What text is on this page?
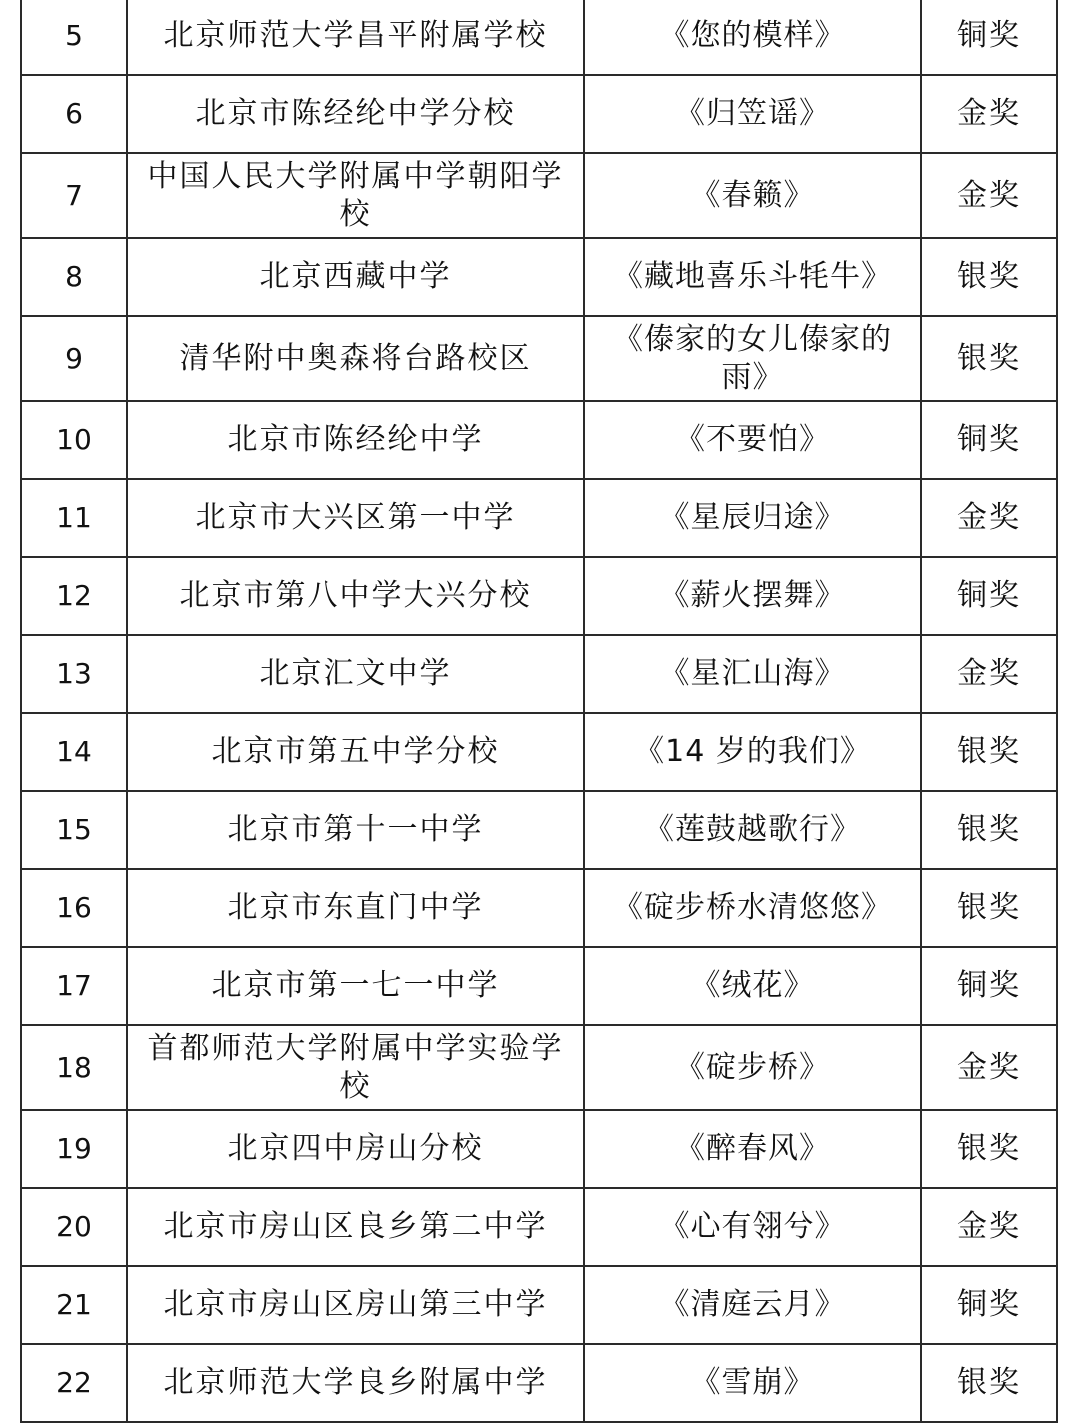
5	北京师范大学昌平附属学校	《您的模样》	铜奖
6	北京市陈经纶中学分校	《归笠谣》	金奖
7	中国人民大学附属中学朝阳学校	《春籁》	金奖
8	北京西藏中学	《藏地喜乐斗牦牛》	银奖
9	清华附中奥森将台路校区	《傣家的女儿傣家的雨》	银奖
10	北京市陈经纶中学	《不要怕》	铜奖
11	北京市大兴区第一中学	《星辰归途》	金奖
12	北京市第八中学大兴分校	《薪火摆舞》	铜奖
13	北京汇文中学	《星汇山海》	金奖
14	北京市第五中学分校	《14 岁的我们》	银奖
15	北京市第十一中学	《莲鼓越歌行》	银奖
16	北京市东直门中学	《碇步桥水清悠悠》	银奖
17	北京市第一七一中学	《绒花》	铜奖
18	首都师范大学附属中学实验学校	《碇步桥》	金奖
19	北京四中房山分校	《醉春风》	银奖
20	北京市房山区良乡第二中学	《心有翎兮》	金奖
21	北京市房山区房山第三中学	《清庭云月》	铜奖
22	北京师范大学良乡附属中学	《雪崩》	银奖
